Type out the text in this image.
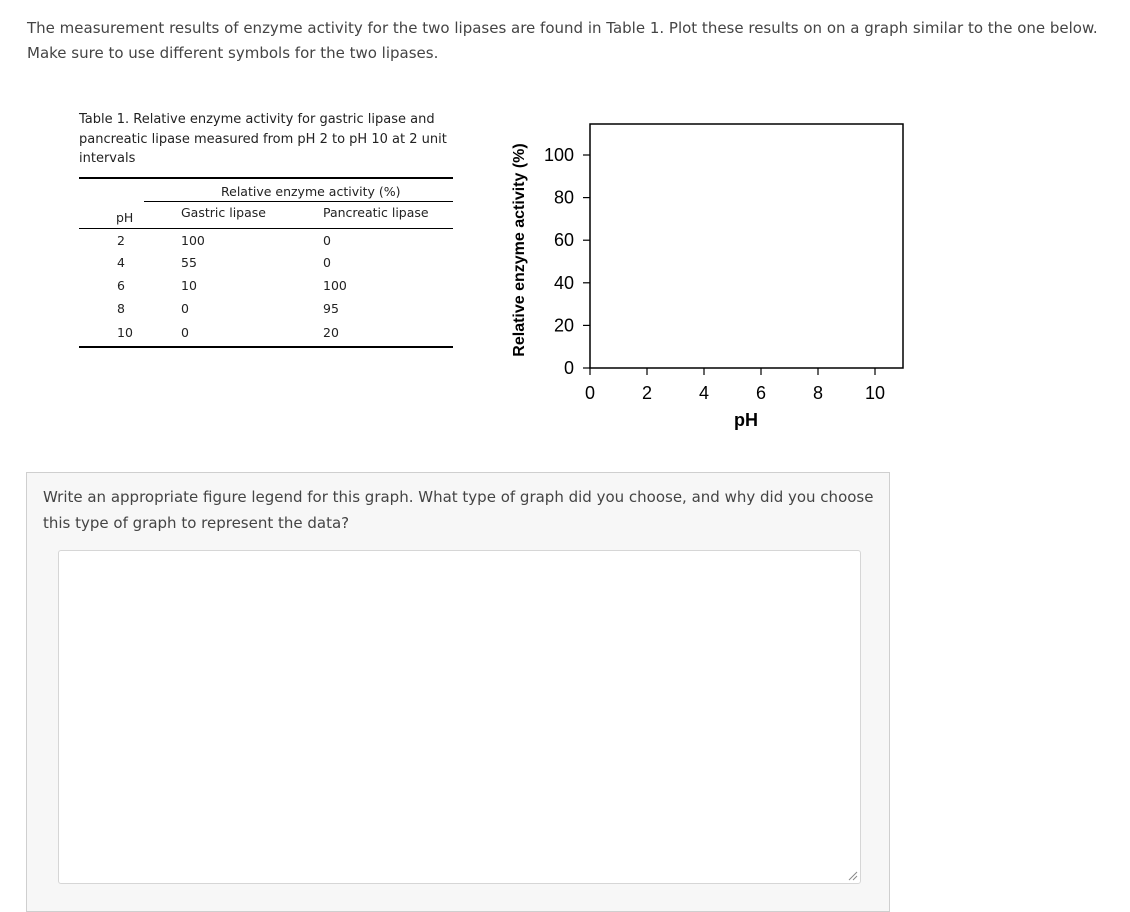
The measurement results of enzyme activity for the two lipases are found in Table 1. Plot these results on on a graph similar to the one below.
Make sure to use different symbols for the two lipases.
Table 1. Relative enzyme activity for gastric lipase and
pancreatic lipase measured from pH 2 to pH 10 at 2 unit
intervals
Relative enzyme activity (%)
pH	Gastric lipase	Pancreatic lipase
2	100	0
4	55	0
6	10	100
8	0	95
10	0	20
0	2	4	6	8 10
0
20
40
60
80
100
pH
Relative enzyme activity (%)
Write an appropriate figure legend for this graph. What type of graph did you choose, and why did you choose
this type of graph to represent the data?
